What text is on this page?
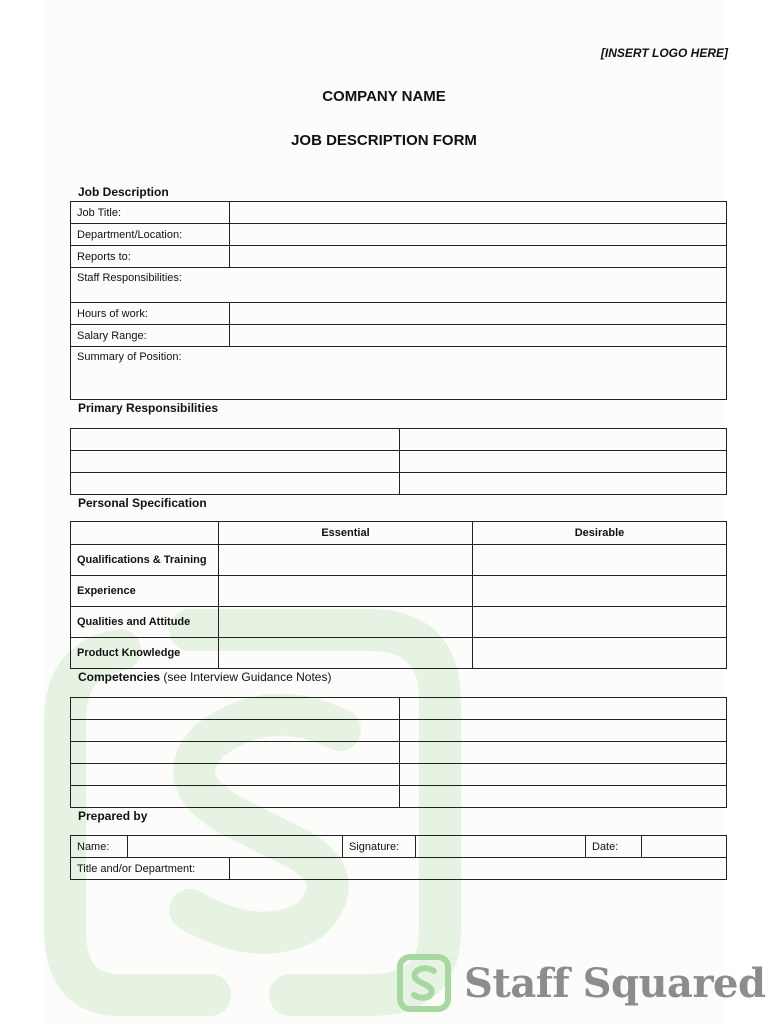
[INSERT LOGO HERE]
COMPANY NAME
JOB DESCRIPTION FORM
Job Description
Job Title:	
Department/Location:	
Reports to:	
Staff Responsibilities:	
Hours of work:	
Salary Range:	
Summary of Position:	
Primary Responsibilities

Personal Specification
	Essential	Desirable
Qualifications & Training		
Experience		
Qualities and Attitude		
Product Knowledge		
Competencies (see Interview Guidance Notes)

Prepared by
Name:		Signature:		Date:	
Title and/or Department:	
Staff Squared
